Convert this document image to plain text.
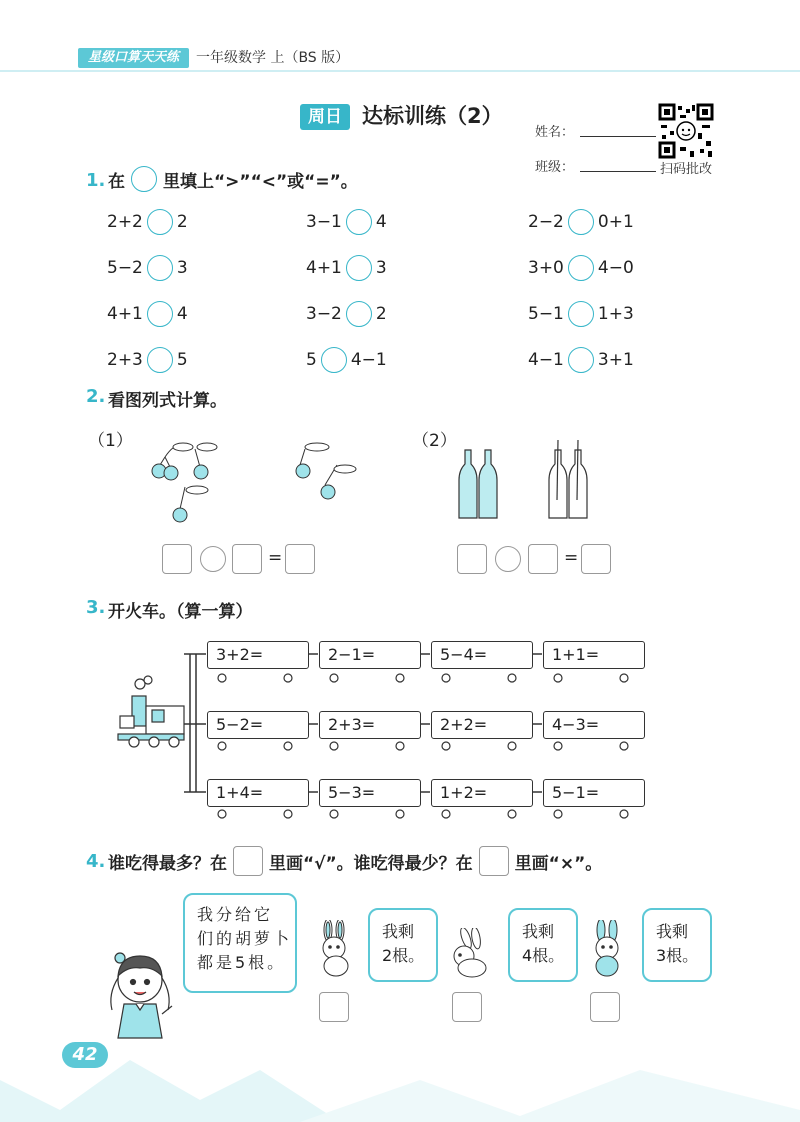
星级口算天天练	一年级数学 上（BS 版）
周日 达标训练（2）
姓名：
班级：	扫码批改
1. 在 里填上“>”“<”或“=”。
2+2 2	3−1 4	2−2 0+1
5−2 3	4+1 3	3+0 4−0
4+1 4	3−2 2	5−1 1+3
2+3 5	5 4−1	4−1 3+1
2. 看图列式计算。
（1）	（2）
=	=
3. 开火车。（算一算）
3+2=	2−1=	5−4=	1+1=
5−2=	2+3=	2+2=	4−3=
1+4=	5−3=	1+2=	5−1=
4. 谁吃得最多？在 里画“√”。谁吃得最少？在 里画“×”。
我分给它
们的胡萝卜
都是5根。
我剩
2根。
我剩
4根。
我剩
3根。
42
